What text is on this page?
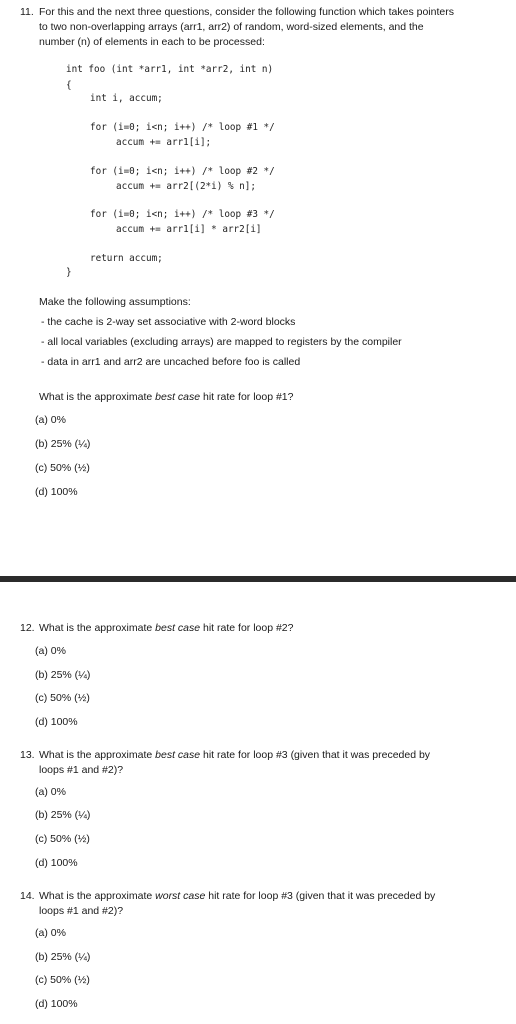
11. For this and the next three questions, consider the following function which takes pointers
to two non-overlapping arrays (arr1, arr2) of random, word-sized elements, and the
number (n) of elements in each to be processed:
int foo (int *arr1, int *arr2, int n)
{
int i, accum;
for (i=0; i<n; i++) /* loop #1 */
accum += arr1[i];
for (i=0; i<n; i++) /* loop #2 */
accum += arr2[(2*i) % n];
for (i=0; i<n; i++) /* loop #3 */
accum += arr1[i] * arr2[i]
return accum;
}
Make the following assumptions:
- the cache is 2-way set associative with 2-word blocks
- all local variables (excluding arrays) are mapped to registers by the compiler
- data in arr1 and arr2 are uncached before foo is called
What is the approximate best case hit rate for loop #1?
(a) 0%
(b) 25% (¼)
(c) 50% (½)
(d) 100%
12. What is the approximate best case hit rate for loop #2?
(a) 0%
(b) 25% (¼)
(c) 50% (½)
(d) 100%
13. What is the approximate best case hit rate for loop #3 (given that it was preceded by
loops #1 and #2)?
(a) 0%
(b) 25% (¼)
(c) 50% (½)
(d) 100%
14. What is the approximate worst case hit rate for loop #3 (given that it was preceded by
loops #1 and #2)?
(a) 0%
(b) 25% (¼)
(c) 50% (½)
(d) 100%
